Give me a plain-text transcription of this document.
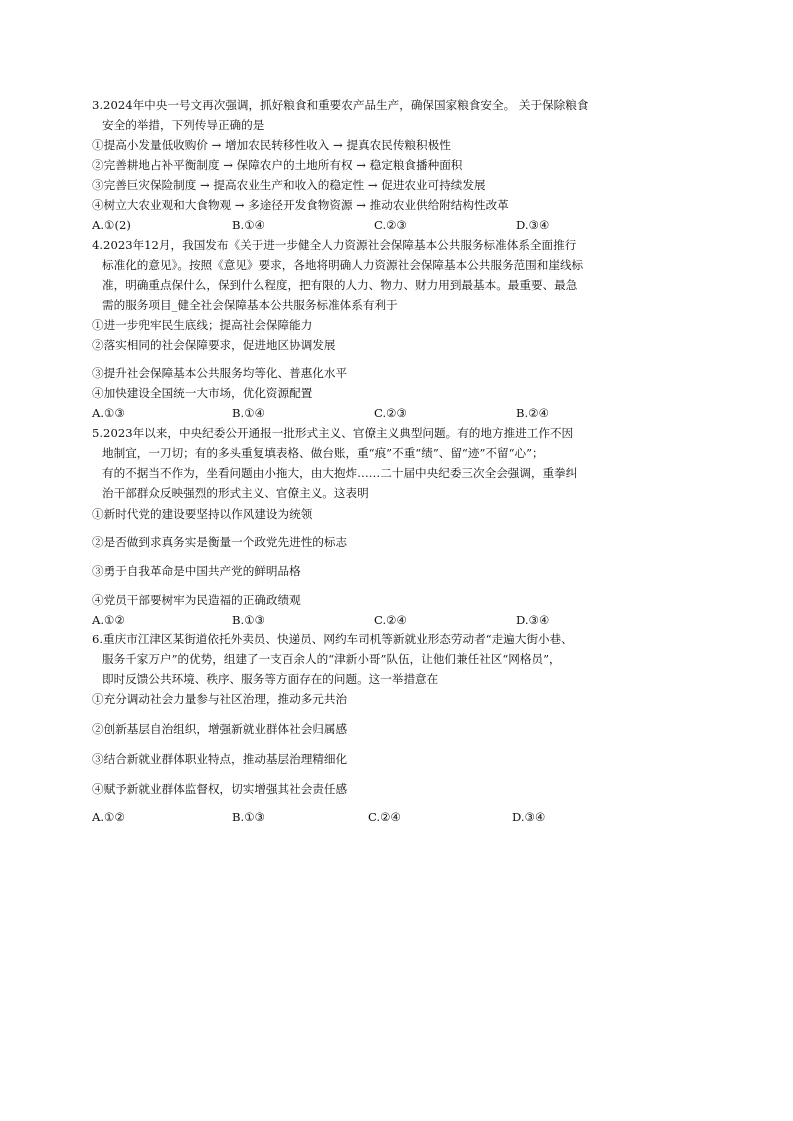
3.2024年中央一号文再次强调，抓好粮食和重要农产品生产，确保国家粮食安全。 关于保除粮食
安全的举措，下列传导正确的是
①提高小发量低收购价 → 增加农民转移性收入 → 提真农民传粮积极性
②完善耕地占补平衡制度 → 保障农户的土地所有权 → 稳定粮食播种面积
③完善巨灾保险制度 → 提高农业生产和收入的稳定性 → 促进农业可持续发展
④树立大农业观和大食物观 → 多途径开发食物资源 → 推动农业供给附结构性改革
A.①(2)	B.①④	C.②③	D.③④
4.2023年12月，我国发布《关于进一步健全人力资源社会保障基本公共服务标准体系全面推行
标准化的意见》。按照《意见》要求，各地将明确人力资源社会保障基本公共服务范围和崖线标
准，明确重点保什么，保到什么程度，把有限的人力、物力、财力用到最基本。最重要、最急
需的服务项目_健全社会保障基本公共服务标准体系有利于
①进一步兜牢民生底线；提高社会保障能力
②落实相同的社会保障要求，促进地区协调发展
③提升社会保障基本公共服务均等化、普惠化水平
④加快建设全国统一大市场，优化资源配置
A.①③	B.①④	C.②③	B.②④
5.2023年以来，中央纪委公开通报一批形式主义、官僚主义典型问题。有的地方推进工作不因
地制宜，一刀切；有的多头重复填表格、做台账，重“痕”不重“绩”、留“迹”不留“心”；
有的不据当不作为，坐看问题由小拖大，由大抱炸……二十届中央纪委三次全会强调，重拳纠
治干部群众反映强烈的形式主义、官僚主义。这表明
①新时代党的建设要坚持以作风建设为统领
②是否做到求真务实是衡量一个政党先进性的标志
③勇于自我革命是中国共产党的鲜明品格
④党员干部要树牢为民造福的正确政绩观
A.①②	B.①③	C.②④	D.③④
6.重庆市江津区某街道依托外卖员、快递员、网约车司机等新就业形态劳动者“走遍大街小巷、
服务千家万户”的优势，组建了一支百余人的“津新小哥”队伍，让他们兼任社区“网格员”，
即时反馈公共环境、秩序、服务等方面存在的问题。这一举措意在
①充分调动社会力量参与社区治理，推动多元共治
②创新基层自治组织，增强新就业群体社会归属感
③结合新就业群体职业特点，推动基层治理精细化
④赋予新就业群体监督权，切实增强其社会责任感
A.①②	B.①③	C.②④	D.③④
